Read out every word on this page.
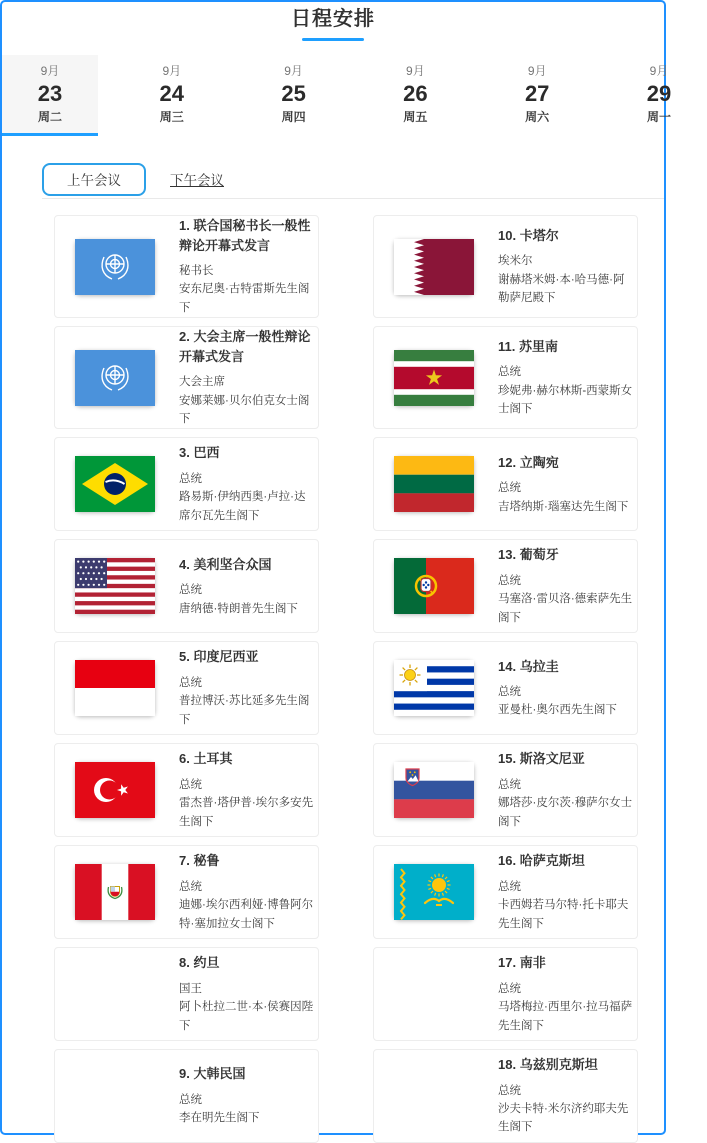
日程安排
9月
23
周二
9月
24
周三
9月
25
周四
9月
26
周五
9月
27
周六
9月
29
周一
上午会议	下午会议
1. 联合国秘书长一般性辩论开幕式发言
秘书长
安东尼奥·古特雷斯先生阁下
2. 大会主席一般性辩论开幕式发言
大会主席
安娜莱娜·贝尔伯克女士阁下
3. 巴西
总统
路易斯·伊纳西奥·卢拉·达席尔瓦先生阁下
4. 美利坚合众国
总统
唐纳德·特朗普先生阁下
5. 印度尼西亚
总统
普拉博沃·苏比延多先生阁下
6. 土耳其
总统
雷杰普·塔伊普·埃尔多安先生阁下
7. 秘鲁
总统
迪娜·埃尔西利娅·博鲁阿尔特·塞加拉女士阁下
8. 约旦
国王
阿卜杜拉二世·本·侯赛因陛下
9. 大韩民国
总统
李在明先生阁下
10. 卡塔尔
埃米尔
谢赫塔米姆·本·哈马德·阿勒萨尼殿下
11. 苏里南
总统
珍妮弗·赫尔林斯-西蒙斯女士阁下
12. 立陶宛
总统
吉塔纳斯·瑙塞达先生阁下
13. 葡萄牙
总统
马塞洛·雷贝洛·德索萨先生阁下
14. 乌拉圭
总统
亚曼杜·奥尔西先生阁下
15. 斯洛文尼亚
总统
娜塔莎·皮尔茨·穆萨尔女士阁下
16. 哈萨克斯坦
总统
卡西姆若马尔特·托卡耶夫先生阁下
17. 南非
总统
马塔梅拉·西里尔·拉马福萨先生阁下
18. 乌兹别克斯坦
总统
沙夫卡特·米尔济约耶夫先生阁下
